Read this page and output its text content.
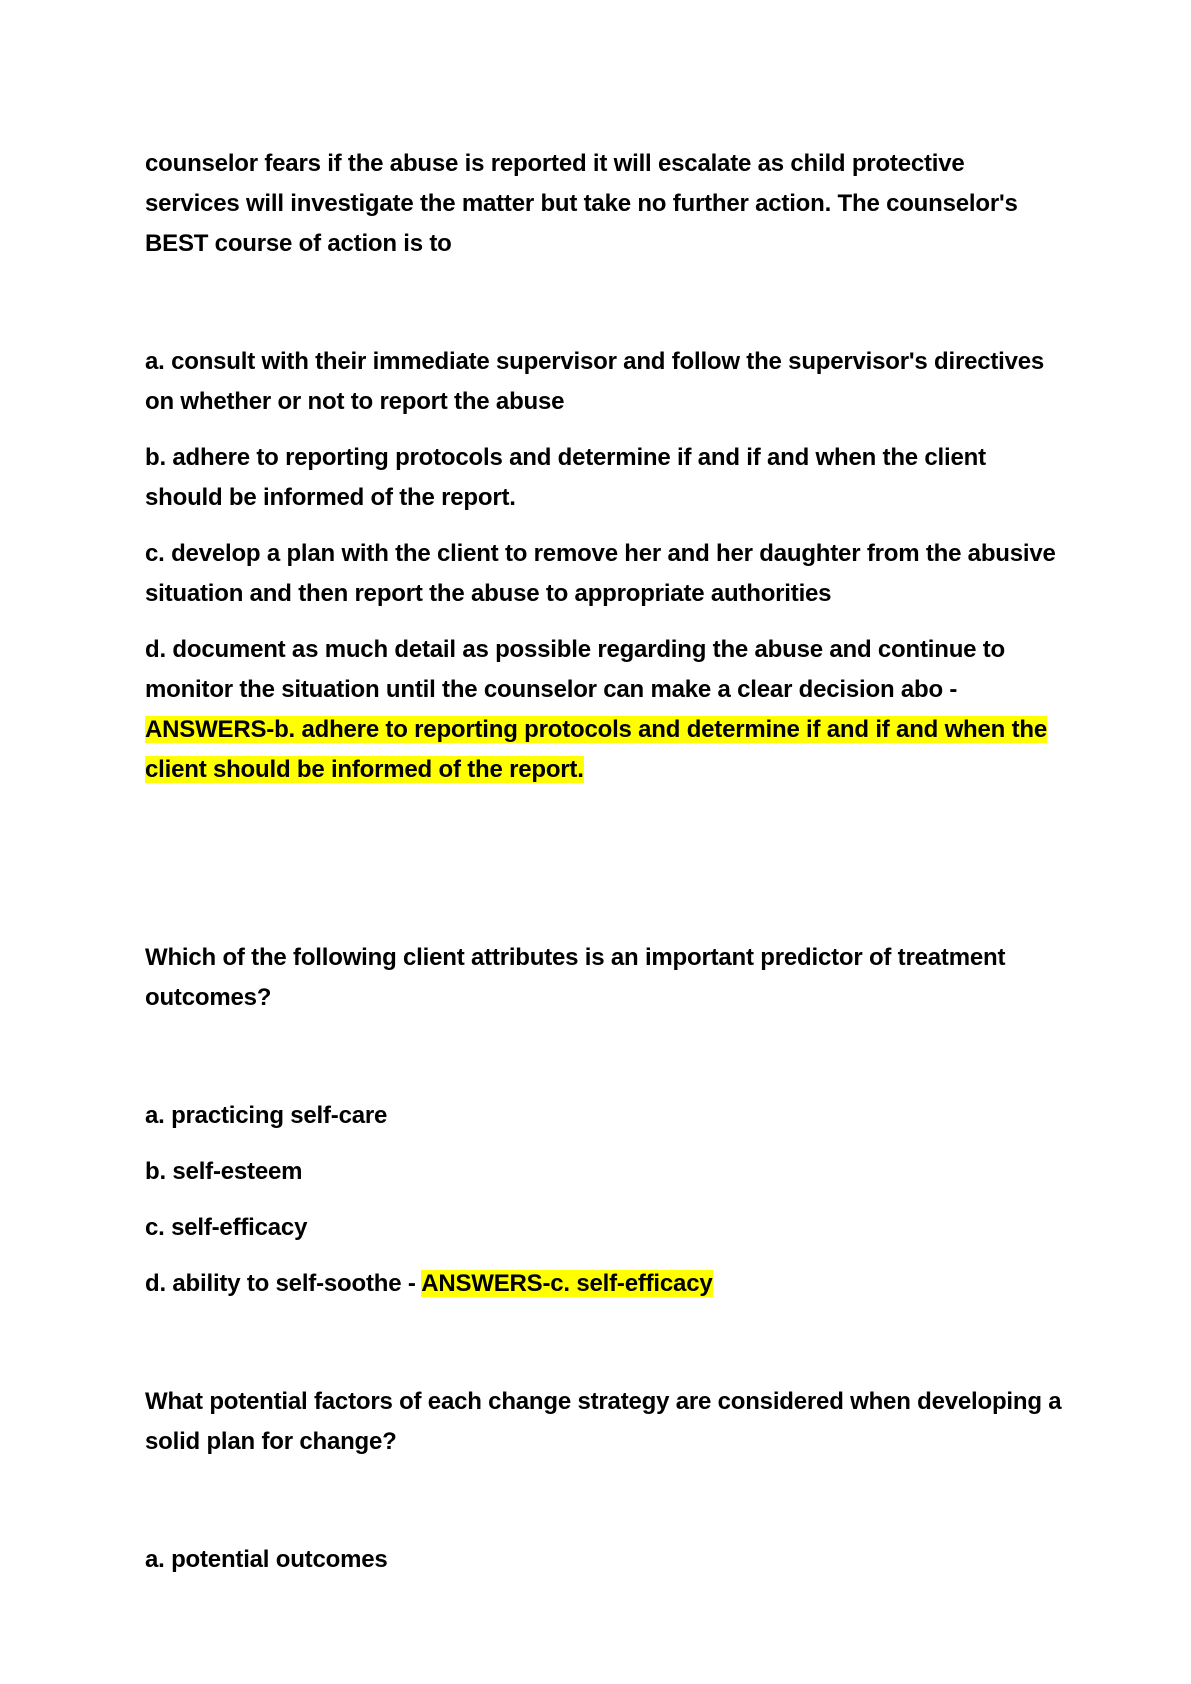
counselor fears if the abuse is reported it will escalate as child protective services will investigate the matter but take no further action. The counselor's BEST course of action is to

a. consult with their immediate supervisor and follow the supervisor's directives on whether or not to report the abuse

b. adhere to reporting protocols and determine if and if and when the client should be informed of the report.

c. develop a plan with the client to remove her and her daughter from the abusive situation and then report the abuse to appropriate authorities

d. document as much detail as possible regarding the abuse and continue to monitor the situation until the counselor can make a clear decision abo -
ANSWERS-b. adhere to reporting protocols and determine if and if and when the client should be informed of the report.

Which of the following client attributes is an important predictor of treatment outcomes?

a. practicing self-care

b. self-esteem

c. self-efficacy

d. ability to self-soothe - ANSWERS-c. self-efficacy

What potential factors of each change strategy are considered when developing a solid plan for change?

a. potential outcomes
